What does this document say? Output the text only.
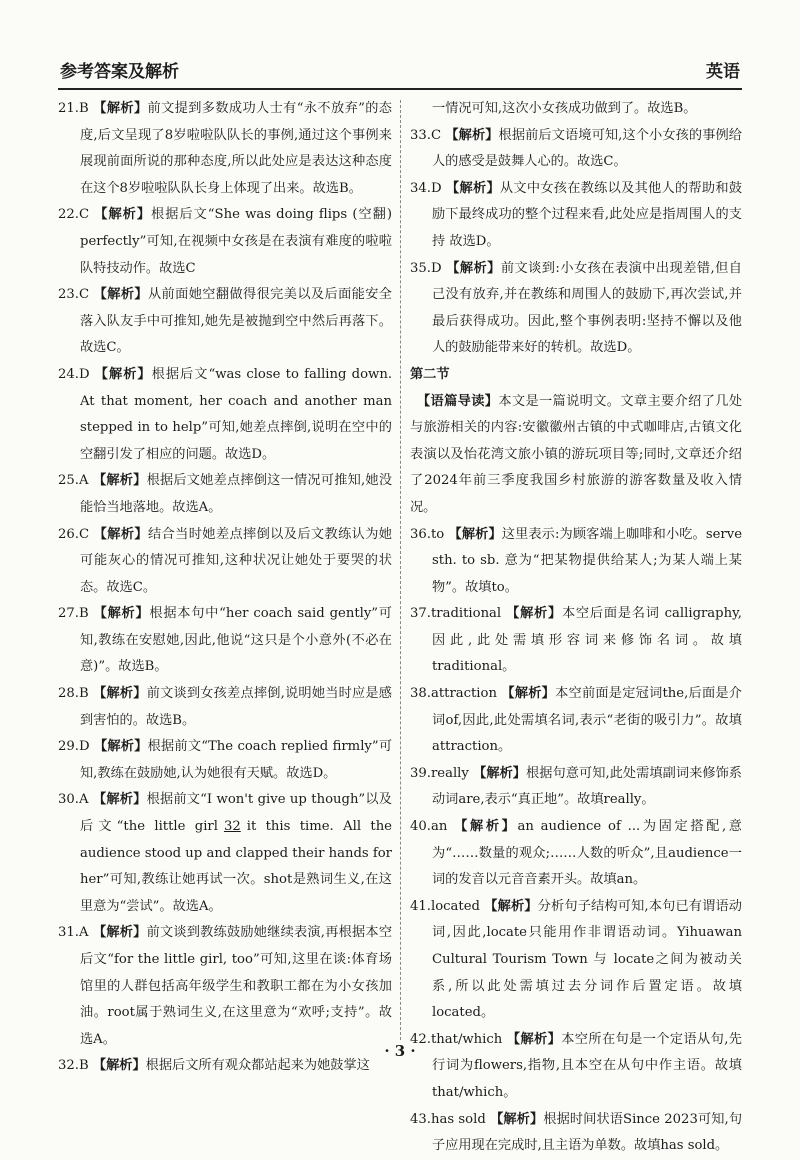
参考答案及解析	英语

21.B 【解析】前文提到多数成功人士有“永不放弃”的态度,后文呈现了8岁啦啦队队长的事例,通过这个事例来展现前面所说的那种态度,所以此处应是表达这种态度在这个8岁啦啦队队长身上体现了出来。故选B。

22.C 【解析】根据后文“She was doing flips (空翻) perfectly”可知,在视频中女孩是在表演有难度的啦啦队特技动作。故选C

23.C 【解析】从前面她空翻做得很完美以及后面能安全落入队友手中可推知,她先是被抛到空中然后再落下。故选C。

24.D 【解析】根据后文“was close to falling down. At that moment, her coach and another man stepped in to help”可知,她差点摔倒,说明在空中的空翻引发了相应的问题。故选D。

25.A 【解析】根据后文她差点摔倒这一情况可推知,她没能恰当地落地。故选A。

26.C 【解析】结合当时她差点摔倒以及后文教练认为她可能灰心的情况可推知,这种状况让她处于要哭的状态。故选C。

27.B 【解析】根据本句中“her coach said gently”可知,教练在安慰她,因此,他说“这只是个小意外(不必在意)”。故选B。

28.B 【解析】前文谈到女孩差点摔倒,说明她当时应是感到害怕的。故选B。

29.D 【解析】根据前文“The coach replied firmly”可知,教练在鼓励她,认为她很有天赋。故选D。

30.A 【解析】根据前文“I won't give up though”以及后文“the little girl 32 it this time. All the audience stood up and clapped their hands for her”可知,教练让她再试一次。shot是熟词生义,在这里意为“尝试”。故选A。

31.A 【解析】前文谈到教练鼓励她继续表演,再根据本空后文“for the little girl, too”可知,这里在谈:体育场馆里的人群包括高年级学生和教职工都在为小女孩加油。root属于熟词生义,在这里意为“欢呼;支持”。故选A。

32.B 【解析】根据后文所有观众都站起来为她鼓掌这

一情况可知,这次小女孩成功做到了。故选B。

33.C 【解析】根据前后文语境可知,这个小女孩的事例给人的感受是鼓舞人心的。故选C。

34.D 【解析】从文中女孩在教练以及其他人的帮助和鼓励下最终成功的整个过程来看,此处应是指周围人的支持 故选D。

35.D 【解析】前文谈到:小女孩在表演中出现差错,但自己没有放弃,并在教练和周围人的鼓励下,再次尝试,并最后获得成功。因此,整个事例表明:坚持不懈以及他人的鼓励能带来好的转机。故选D。

第二节

　【语篇导读】本文是一篇说明文。文章主要介绍了几处与旅游相关的内容:安徽徽州古镇的中式咖啡店,古镇文化表演以及怡花湾文旅小镇的游玩项目等;同时,文章还介绍了2024年前三季度我国乡村旅游的游客数量及收入情况。

36.to 【解析】这里表示:为顾客端上咖啡和小吃。serve sth. to sb. 意为“把某物提供给某人;为某人端上某物”。故填to。

37.traditional 【解析】本空后面是名词 calligraphy,因此,此处需填形容词来修饰名词。故填traditional。

38.attraction 【解析】本空前面是定冠词the,后面是介词of,因此,此处需填名词,表示“老街的吸引力”。故填attraction。

39.really 【解析】根据句意可知,此处需填副词来修饰系动词are,表示“真正地”。故填really。

40.an 【解析】an audience of ...为固定搭配,意为“……数量的观众;……人数的听众”,且audience一词的发音以元音音素开头。故填an。

41.located 【解析】分析句子结构可知,本句已有谓语动词,因此,locate只能用作非谓语动词。Yihuawan Cultural Tourism Town 与 locate之间为被动关系,所以此处需填过去分词作后置定语。故填located。

42.that/which 【解析】本空所在句是一个定语从句,先行词为flowers,指物,且本空在从句中作主语。故填that/which。

43.has sold 【解析】根据时间状语Since 2023可知,句子应用现在完成时,且主语为单数。故填has sold。

· 3 ·
